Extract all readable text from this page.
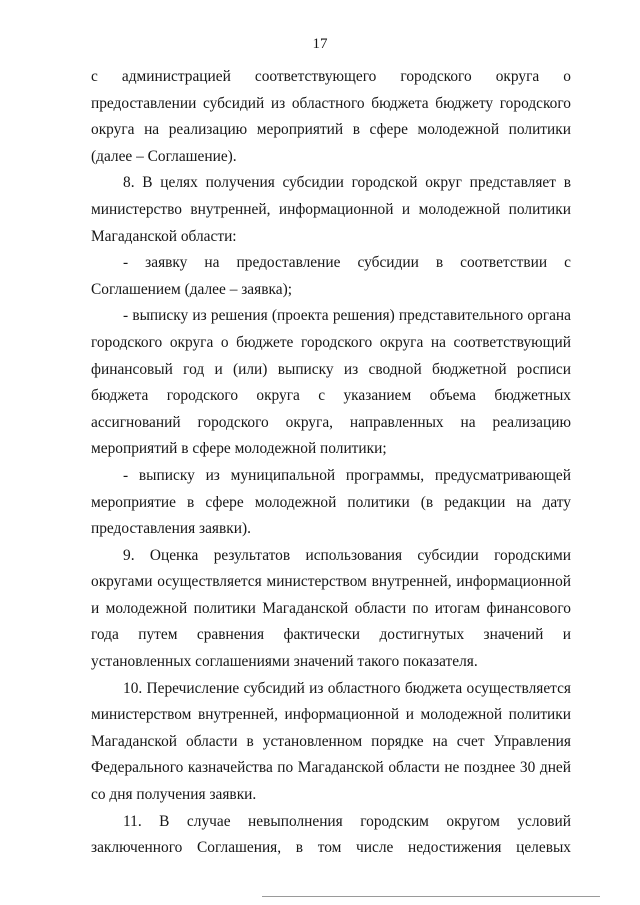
17

с администрацией соответствующего городского округа о предоставлении субсидий из областного бюджета бюджету городского округа на реализацию мероприятий в сфере молодежной политики (далее – Соглашение).

8. В целях получения субсидии городской округ представляет в министерство внутренней, информационной и молодежной политики Магаданской области:

- заявку на предоставление субсидии в соответствии с Соглашением (далее – заявка);

- выписку из решения (проекта решения) представительного органа городского округа о бюджете городского округа на соответствующий финансовый год и (или) выписку из сводной бюджетной росписи бюджета городского округа с указанием объема бюджетных ассигнований городского округа, направленных на реализацию мероприятий в сфере молодежной политики;

- выписку из муниципальной программы, предусматривающей мероприятие в сфере молодежной политики (в редакции на дату предоставления заявки).

9. Оценка результатов использования субсидии городскими округами осуществляется министерством внутренней, информационной и молодежной политики Магаданской области по итогам финансового года путем сравнения фактически достигнутых значений и установленных соглашениями значений такого показателя.

10. Перечисление субсидий из областного бюджета осуществляется министерством внутренней, информационной и молодежной политики Магаданской области в установленном порядке на счет Управления Федерального казначейства по Магаданской области не позднее 30 дней со дня получения заявки.

11. В случае невыполнения городским округом условий заключенного Соглашения, в том числе недостижения целевых
